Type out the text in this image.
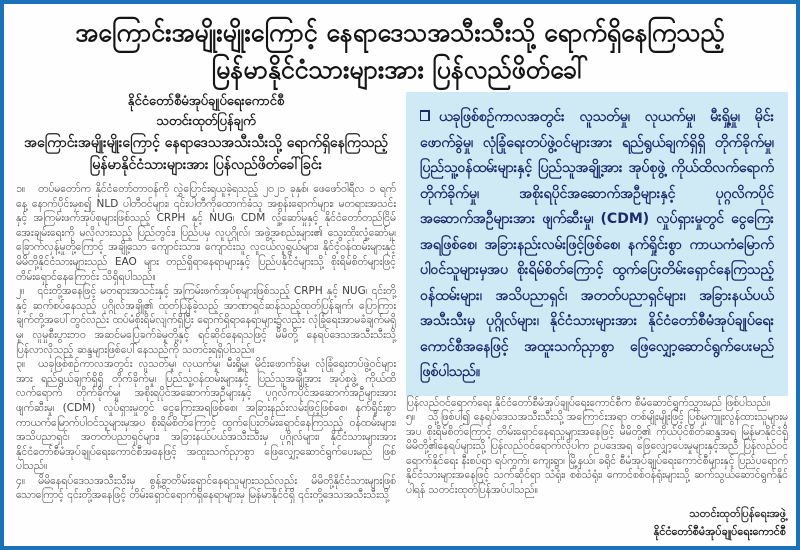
အကြောင်းအမျိုးမျိုးကြောင့် နေရာဒေသအသီးသီးသို့ ရောက်ရှိနေကြသည့်
မြန်မာနိုင်ငံသားများအား ပြန်လည်ဖိတ်ခေါ်
နိုင်ငံတော်စီမံအုပ်ချုပ်ရေးကောင်စီ
သတင်းထုတ်ပြန်ချက်
အကြောင်းအမျိုးမျိုးကြောင့် နေရာဒေသအသီးသီးသို့ ရောက်ရှိနေကြသည့်
မြန်မာနိုင်ငံသားများအား ပြန်လည်ဖိတ်ခေါ်ခြင်း

၁။ တပ်မတော်က နိုင်ငံတော်တာဝန်ကို လွှဲပြောင်းရယူခဲ့ရသည့် ၂၀၂၁ ခုနှစ်၊ ဖေဖော်ဝါရီလ ၁ ရက်နေ့ နောက်ပိုင်းမှစ၍ NLD ပါတီဝင်များ၊ ၎င်းပါတီကိုထောက်ခံသူ အစွန်းရောက်များ၊ မတရားအသင်းနှင့် အကြမ်းဖက်အုပ်စုများဖြစ်သည့် CRPH နှင့် NUG၊ CDM လှုံ့ဆော်မှုနှင့် နိုင်ငံတော်တည်ငြိမ်အေးချမ်းရေးကို မလိုလားသည့် ပြည်တွင်း၊ ပြည်ပမှ လူပုဂ္ဂိုလ်၊ အဖွဲ့အစည်းများ၏ သွေးထိုးလှုံ့ဆော်မှု၊ ခြောက်လှန့်မှုတို့ကြောင့် အချို့သော ကျောင်းသား၊ ကျောင်းသူ လူငယ်လူရွယ်များ၊ နိုင်ငံ့ဝန်ထမ်းများနှင့် မိမိတို့နိုင်ငံသားများသည် EAO များ တည်ရှိရာနေရာများနှင့် ပြည်ပနိုင်ငံများသို့ စိုးရိမ်စိတ်များဖြင့် တိမ်းရှောင်နေကြောင်း သိရှိရပါသည်။

၂။ ၎င်းတို့အနေဖြင့် မတရားအသင်းနှင့် အကြမ်းဖက်အုပ်စုများဖြစ်သည့် CRPH နှင့် NUG၊ ၎င်းတို့နှင့် ဆက်စပ်နေသည့် ပုဂ္ဂိုလ်အချို့၏ ထုတ်ပြန်ခဲ့သည့် အာဏာရှင်ဆန်သည့်ထုတ်ပြန်ချက်၊ ပြောကြားချက်တို့အပေါ်တွင်လည်း ထပ်မံစိုးရိမ်လျက်ရှိပြီး ရောက်ရှိရာနေရာများ၌လည်း လုံခြုံရေးအာမခံချက်မရှိမှု၊ လူမှုစီးပွားဘဝ အဆင်မပြေခက်ခဲမှုတို့နှင့် ရင်ဆိုင်နေရသဖြင့် မိမိတို့ နေရပ်ဒေသအသီးသီးသို့ ပြန်လာလိုသည့် ဆန္ဒများဖြစ်ပေါ်နေသည်ကို သတင်းရရှိပါသည်။

၃။ ယခုဖြစ်စဉ်ကာလအတွင်း လူသတ်မှု၊ လုယက်မှု၊ မီးရှို့မှု၊ မိုင်းဖောက်ခွဲမှု၊ လုံခြုံရေးတပ်ဖွဲ့ဝင်များအား ရည်ရွယ်ချက်ရှိရှိ တိုက်ခိုက်မှု၊ ပြည်သူ့ဝန်ထမ်းများနှင့် ပြည်သူအချို့အား အုပ်စုဖွဲ့ ကိုယ်ထိလက်ရောက် တိုက်ခိုက်မှု၊ အစိုးရပိုင်အဆောက်အဦများနှင့် ပုဂ္ဂလိကပိုင်အဆောက်အဦများအား ဖျက်ဆီးမှု၊ (CDM) လှုပ်ရှားမှုတွင် ငွေကြေးအရဖြစ်စေ၊ အခြားနည်းလမ်းဖြင့်ဖြစ်စေ၊ နက်ရှိုင်းစွာ ကာယကံမြောက်ပါဝင်သူများမှအပ စိုးရိမ်စိတ်ကြောင့် ထွက်ပြေးတိမ်းရှောင်နေကြသည့် ဝန်ထမ်းများ၊ အသိပညာရှင်၊ အတတ်ပညာရှင်များ၊ အခြားနယ်ပယ်အသီးသီးမှ ပုဂ္ဂိုလ်များ၊ နိုင်ငံသားများအား နိုင်ငံတော်စီမံအုပ်ချုပ်ရေးကောင်စီအနေဖြင့် အထူးသက်ညှာစွာ ဖြေလျှော့ဆောင်ရွက်ပေးမည် ဖြစ်ပါသည်။

၄။ မိမိနေရပ်ဒေသအသီးသီးမှ စွန့်ခွာတိမ်းရှောင်နေရသူများသည်လည်း မိမိတို့နိုင်ငံသားများဖြစ်သောကြောင့် ၎င်းတို့အနေဖြင့် တိမ်းရှောင်ရောက်ရှိနေရာများမှ မြန်မာနိုင်ငံရှိ ၎င်းတို့ဒေသအသီးသီးသို့

ယခုဖြစ်စဉ်ကာလအတွင်း လူသတ်မှု၊ လုယက်မှု၊ မီးရှို့မှု၊ မိုင်းဖောက်ခွဲမှု၊ လုံခြုံရေးတပ်ဖွဲ့ဝင်များအား ရည်ရွယ်ချက်ရှိရှိ တိုက်ခိုက်မှု၊ ပြည်သူ့ဝန်ထမ်းများနှင့် ပြည်သူအချို့အား အုပ်စုဖွဲ့ ကိုယ်ထိလက်ရောက်တိုက်ခိုက်မှု၊ အစိုးရပိုင်အဆောက်အဦများနှင့် ပုဂ္ဂလိကပိုင်အဆောက်အဦများအား ဖျက်ဆီးမှု၊ (CDM) လှုပ်ရှားမှုတွင် ငွေကြေးအရဖြစ်စေ၊ အခြားနည်းလမ်းဖြင့်ဖြစ်စေ၊ နက်ရှိုင်းစွာ ကာယကံမြောက်ပါဝင်သူများမှအပ စိုးရိမ်စိတ်ကြောင့် ထွက်ပြေးတိမ်းရှောင်နေကြသည့် ဝန်ထမ်းများ၊ အသိပညာရှင်၊ အတတ်ပညာရှင်များ၊ အခြားနယ်ပယ်အသီးသီးမှ ပုဂ္ဂိုလ်များ၊ နိုင်ငံသားများအား နိုင်ငံတော်စီမံအုပ်ချုပ်ရေးကောင်စီအနေဖြင့် အထူးသက်ညှာစွာ ဖြေလျှော့ဆောင်ရွက်ပေးမည် ဖြစ်ပါသည်။

ပြန်လည်ဝင်ရောက်ရေး နိုင်ငံတော်စီမံအုပ်ချုပ်ရေးကောင်စီက စီမံဆောင်ရွက်သွားမည် ဖြစ်ပါသည်။

၅။ သို့ဖြစ်ပါ၍ နေရပ်ဒေသအသီးသီးသို့ အကြောင်းအရာ တစ်မျိုးမျိုးဖြင့် ပြစ်မှုကျူးလွန်ထားသူများမှအပ စိုးရိမ်စိတ်ကြောင့် တိမ်းရှောင်နေရသူများအနေဖြင့် မိမိတို့၏ ကိုယ်ပိုင်စိတ်ဆန္ဒအရ မြန်မာနိုင်ငံရှိ မိမိတို့၏နေရပ်များသို့ ပြန်လည်ဝင်ရောက်လိုပါက ဥပဒေအရ ဖြေလျှော့ပေးမှုများနှင့်အညီ ပြန်လည်ဝင်ရောက်နိုင်ရေး နီးစပ်ရာ ရပ်ကွက်၊ ကျေးရွာ၊ မြို့နယ်၊ ခရိုင် စီမံအုပ်ချုပ်ရေးကောင်စီများနှင့် ပြည်ပရောက်နိုင်ငံသားများအနေဖြင့် သက်ဆိုင်ရာ သံရုံး၊ စစ်သံရုံး၊ ကောင်စစ်ဝန်ရုံးများသို့ ဆက်သွယ်ဆောင်ရွက်နိုင်ပါရန် သတင်းထုတ်ပြန်အပ်ပါသည်။

သတင်းထုတ်ပြန်ရေးအဖွဲ့
နိုင်ငံတော်စီမံအုပ်ချုပ်ရေးကောင်စီ
